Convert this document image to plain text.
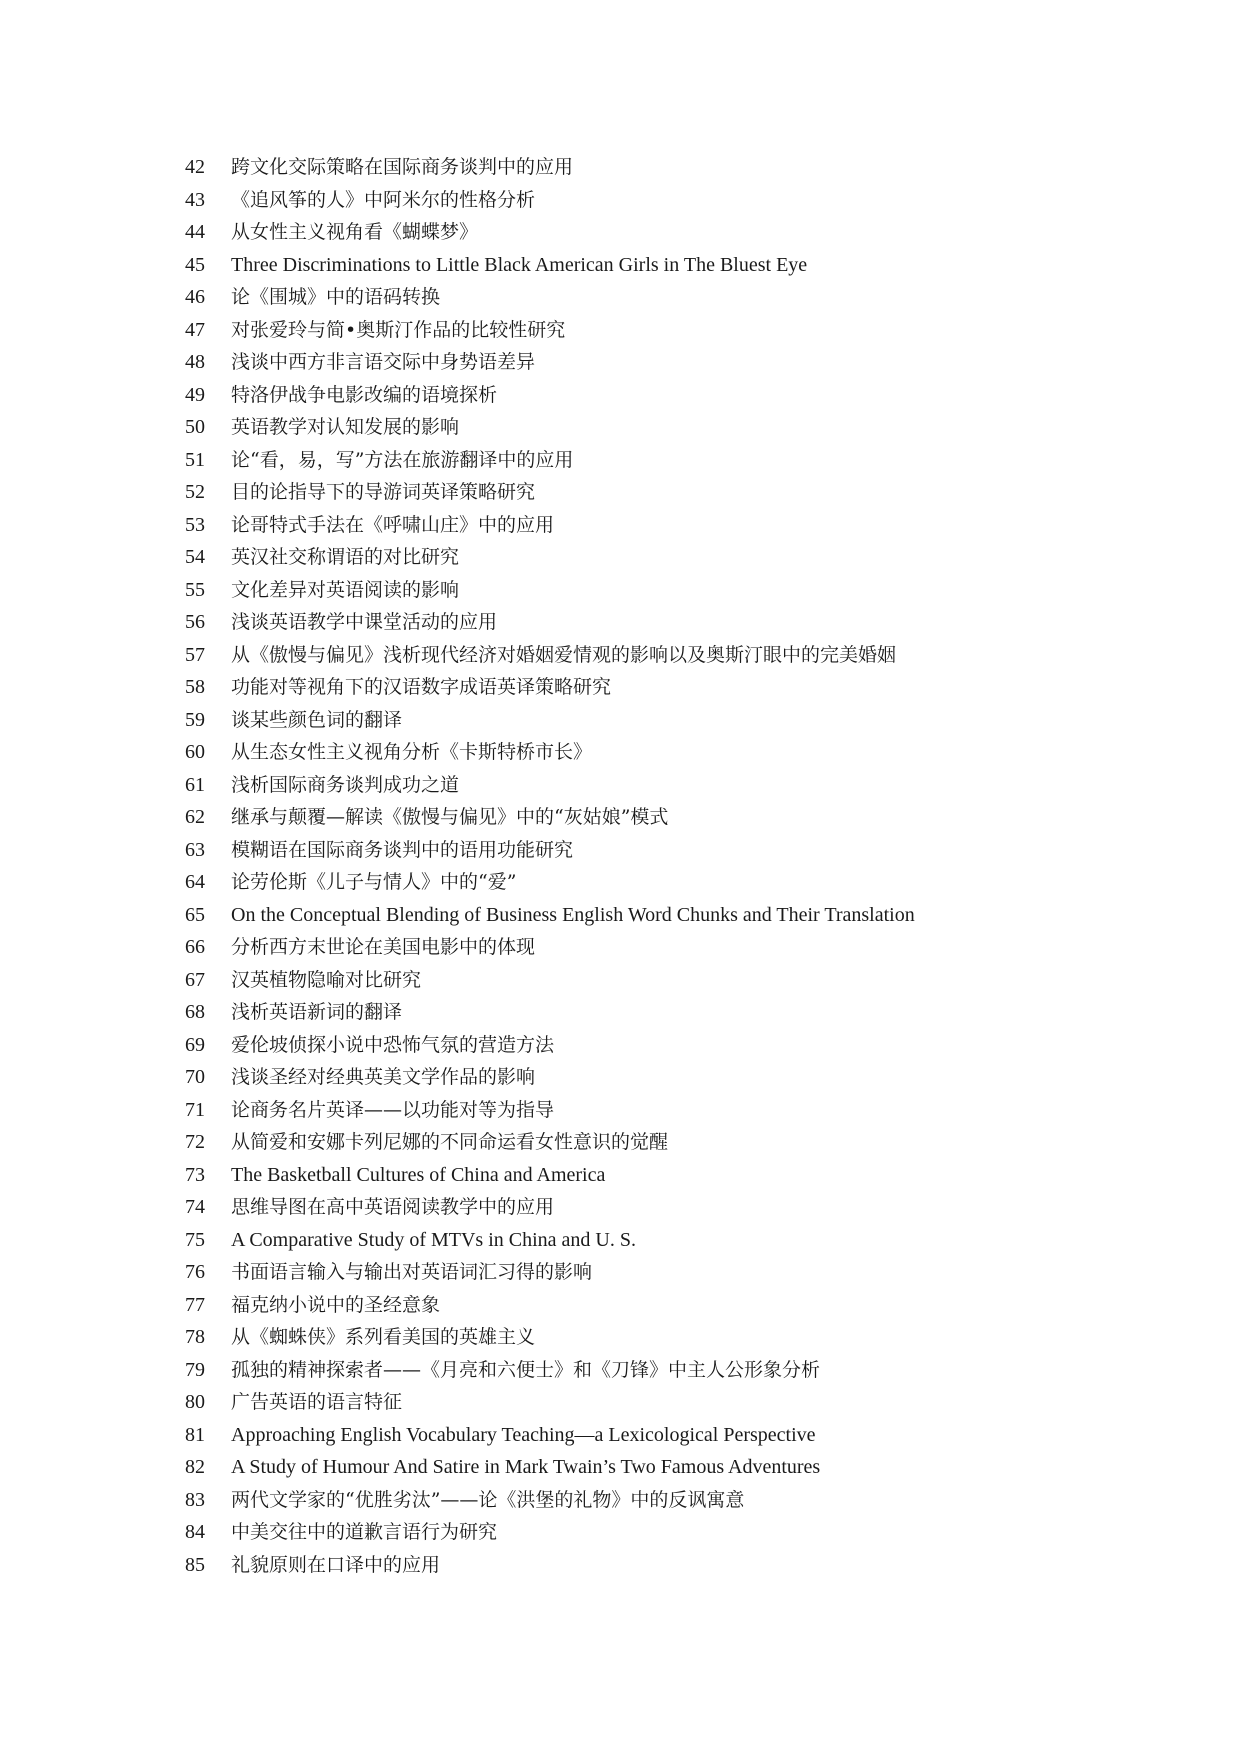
42	跨文化交际策略在国际商务谈判中的应用
43	《追风筝的人》中阿米尔的性格分析
44	从女性主义视角看《蝴蝶梦》
45	Three Discriminations to Little Black American Girls in The Bluest Eye
46	论《围城》中的语码转换
47	对张爱玲与简•奥斯汀作品的比较性研究
48	浅谈中西方非言语交际中身势语差异
49	特洛伊战争电影改编的语境探析
50	英语教学对认知发展的影响
51	论“看，易，写”方法在旅游翻译中的应用
52	目的论指导下的导游词英译策略研究
53	论哥特式手法在《呼啸山庄》中的应用
54	英汉社交称谓语的对比研究
55	文化差异对英语阅读的影响
56	浅谈英语教学中课堂活动的应用
57	从《傲慢与偏见》浅析现代经济对婚姻爱情观的影响以及奥斯汀眼中的完美婚姻
58	功能对等视角下的汉语数字成语英译策略研究
59	谈某些颜色词的翻译
60	从生态女性主义视角分析《卡斯特桥市长》
61	浅析国际商务谈判成功之道
62	继承与颠覆—解读《傲慢与偏见》中的“灰姑娘”模式
63	模糊语在国际商务谈判中的语用功能研究
64	论劳伦斯《儿子与情人》中的“爱”
65	On the Conceptual Blending of Business English Word Chunks and Their Translation
66	分析西方末世论在美国电影中的体现
67	汉英植物隐喻对比研究
68	浅析英语新词的翻译
69	爱伦坡侦探小说中恐怖气氛的营造方法
70	浅谈圣经对经典英美文学作品的影响
71	论商务名片英译——以功能对等为指导
72	从简爱和安娜卡列尼娜的不同命运看女性意识的觉醒
73	The Basketball Cultures of China and America
74	思维导图在高中英语阅读教学中的应用
75	A Comparative Study of MTVs in China and U. S.
76	书面语言输入与输出对英语词汇习得的影响
77	福克纳小说中的圣经意象
78	从《蜘蛛侠》系列看美国的英雄主义
79	孤独的精神探索者——《月亮和六便士》和《刀锋》中主人公形象分析
80	广告英语的语言特征
81	Approaching English Vocabulary Teaching—a Lexicological Perspective
82	A Study of Humour And Satire in Mark Twain’s Two Famous Adventures
83	两代文学家的“优胜劣汰”——论《洪堡的礼物》中的反讽寓意
84	中美交往中的道歉言语行为研究
85	礼貌原则在口译中的应用
